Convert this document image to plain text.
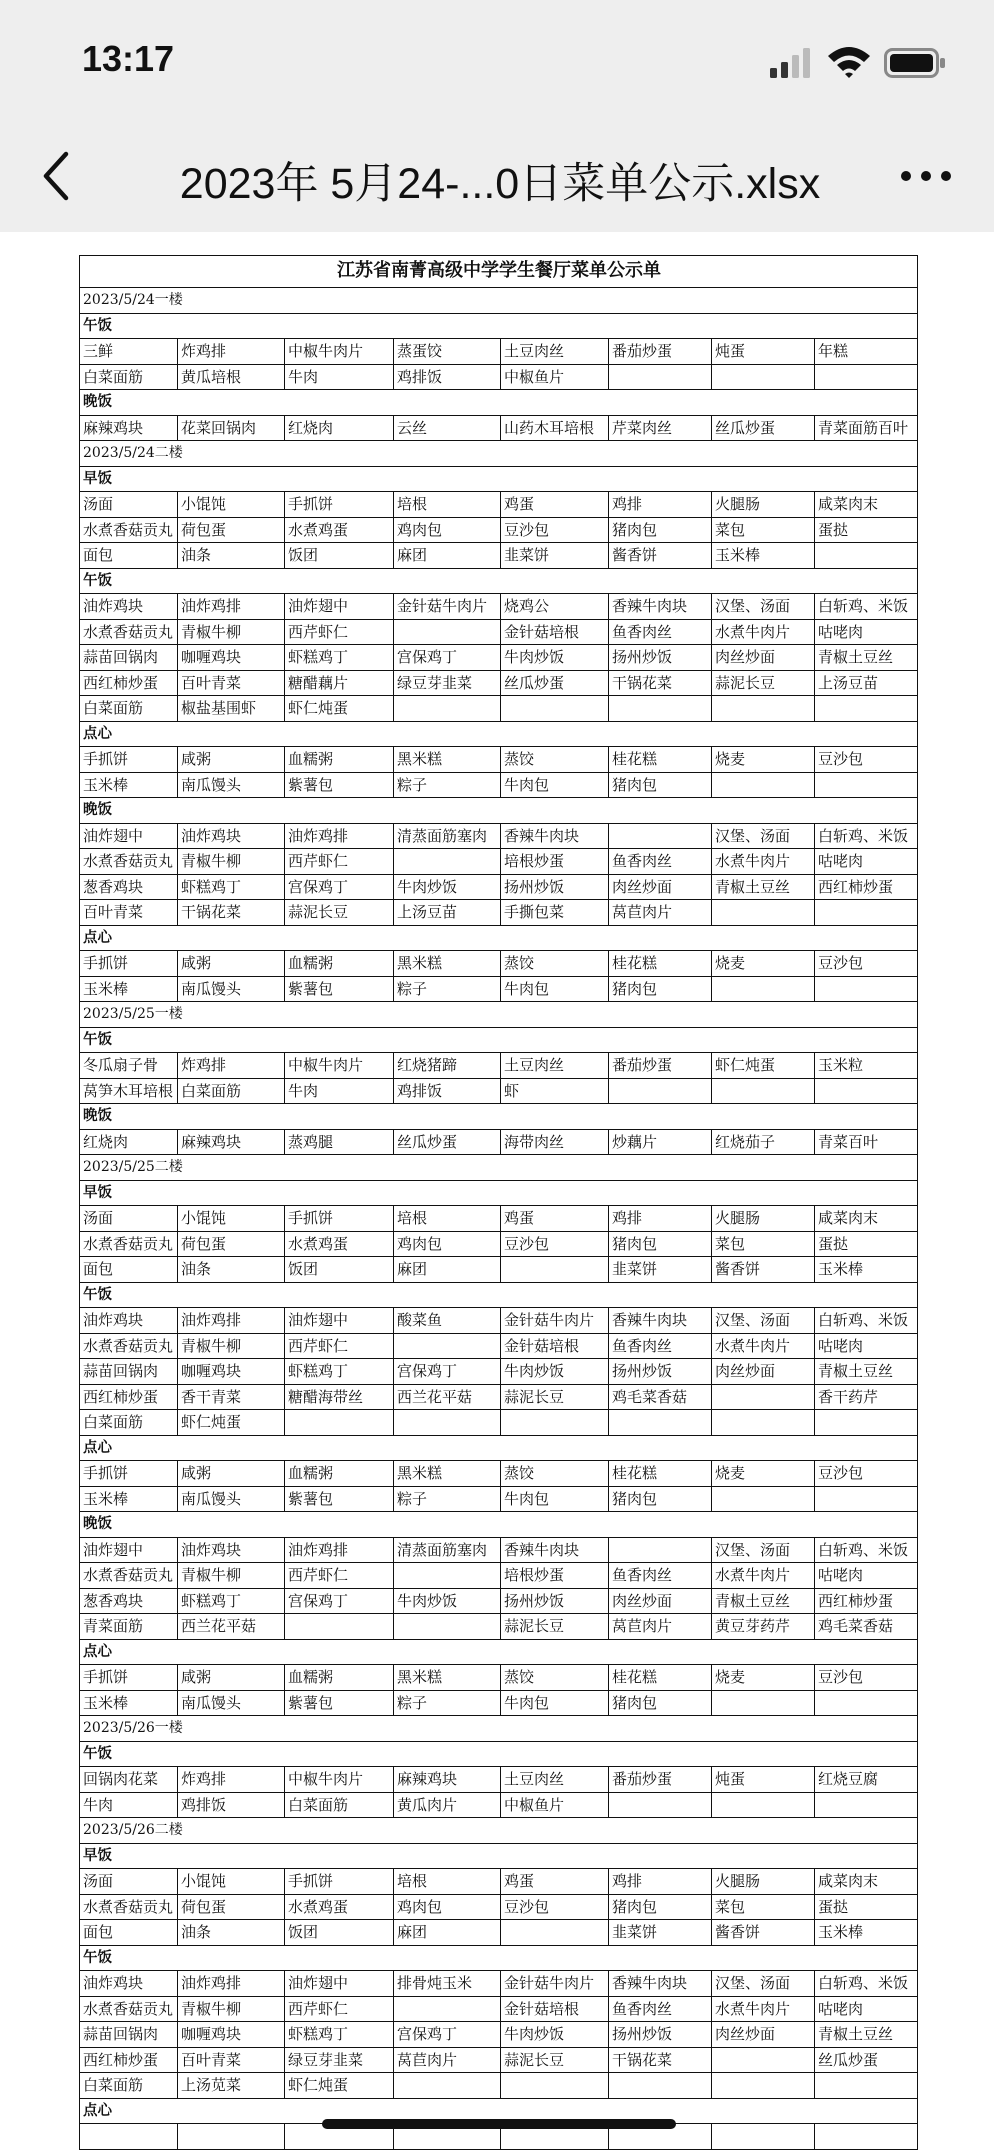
13:17
2023年 5月24-...0日菜单公示.xlsx
江苏省南菁高级中学学生餐厅菜单公示单							
2023/5/24一楼							
午饭							
三鲜	炸鸡排	中椒牛肉片	蒸蛋饺	土豆肉丝	番茄炒蛋	炖蛋	年糕
白菜面筋	黄瓜培根	牛肉	鸡排饭	中椒鱼片			
晚饭							
麻辣鸡块	花菜回锅肉	红烧肉	云丝	山药木耳培根	芹菜肉丝	丝瓜炒蛋	青菜面筋百叶
2023/5/24二楼							
早饭							
汤面	小馄饨	手抓饼	培根	鸡蛋	鸡排	火腿肠	咸菜肉末
水煮香菇贡丸	荷包蛋	水煮鸡蛋	鸡肉包	豆沙包	猪肉包	菜包	蛋挞
面包	油条	饭团	麻团	韭菜饼	酱香饼	玉米棒	
午饭							
油炸鸡块	油炸鸡排	油炸翅中	金针菇牛肉片	烧鸡公	香辣牛肉块	汉堡、汤面	白斩鸡、米饭
水煮香菇贡丸	青椒牛柳	西芹虾仁		金针菇培根	鱼香肉丝	水煮牛肉片	咕咾肉
蒜苗回锅肉	咖喱鸡块	虾糕鸡丁	宫保鸡丁	牛肉炒饭	扬州炒饭	肉丝炒面	青椒土豆丝
西红柿炒蛋	百叶青菜	糖醋藕片	绿豆芽韭菜	丝瓜炒蛋	干锅花菜	蒜泥长豆	上汤豆苗
白菜面筋	椒盐基围虾	虾仁炖蛋					
点心							
手抓饼	咸粥	血糯粥	黑米糕	蒸饺	桂花糕	烧麦	豆沙包
玉米棒	南瓜馒头	紫薯包	粽子	牛肉包	猪肉包		
晚饭							
油炸翅中	油炸鸡块	油炸鸡排	清蒸面筋塞肉	香辣牛肉块		汉堡、汤面	白斩鸡、米饭
水煮香菇贡丸	青椒牛柳	西芹虾仁		培根炒蛋	鱼香肉丝	水煮牛肉片	咕咾肉
葱香鸡块	虾糕鸡丁	宫保鸡丁	牛肉炒饭	扬州炒饭	肉丝炒面	青椒土豆丝	西红柿炒蛋
百叶青菜	干锅花菜	蒜泥长豆	上汤豆苗	手撕包菜	莴苣肉片		
点心							
手抓饼	咸粥	血糯粥	黑米糕	蒸饺	桂花糕	烧麦	豆沙包
玉米棒	南瓜馒头	紫薯包	粽子	牛肉包	猪肉包		
2023/5/25一楼							
午饭							
冬瓜扇子骨	炸鸡排	中椒牛肉片	红烧猪蹄	土豆肉丝	番茄炒蛋	虾仁炖蛋	玉米粒
莴笋木耳培根	白菜面筋	牛肉	鸡排饭	虾			
晚饭							
红烧肉	麻辣鸡块	蒸鸡腿	丝瓜炒蛋	海带肉丝	炒藕片	红烧茄子	青菜百叶
2023/5/25二楼							
早饭							
汤面	小馄饨	手抓饼	培根	鸡蛋	鸡排	火腿肠	咸菜肉末
水煮香菇贡丸	荷包蛋	水煮鸡蛋	鸡肉包	豆沙包	猪肉包	菜包	蛋挞
面包	油条	饭团	麻团		韭菜饼	酱香饼	玉米棒
午饭							
油炸鸡块	油炸鸡排	油炸翅中	酸菜鱼	金针菇牛肉片	香辣牛肉块	汉堡、汤面	白斩鸡、米饭
水煮香菇贡丸	青椒牛柳	西芹虾仁		金针菇培根	鱼香肉丝	水煮牛肉片	咕咾肉
蒜苗回锅肉	咖喱鸡块	虾糕鸡丁	宫保鸡丁	牛肉炒饭	扬州炒饭	肉丝炒面	青椒土豆丝
西红柿炒蛋	香干青菜	糖醋海带丝	西兰花平菇	蒜泥长豆	鸡毛菜香菇		香干药芹
白菜面筋	虾仁炖蛋						
点心							
手抓饼	咸粥	血糯粥	黑米糕	蒸饺	桂花糕	烧麦	豆沙包
玉米棒	南瓜馒头	紫薯包	粽子	牛肉包	猪肉包		
晚饭							
油炸翅中	油炸鸡块	油炸鸡排	清蒸面筋塞肉	香辣牛肉块		汉堡、汤面	白斩鸡、米饭
水煮香菇贡丸	青椒牛柳	西芹虾仁		培根炒蛋	鱼香肉丝	水煮牛肉片	咕咾肉
葱香鸡块	虾糕鸡丁	宫保鸡丁	牛肉炒饭	扬州炒饭	肉丝炒面	青椒土豆丝	西红柿炒蛋
青菜面筋	西兰花平菇			蒜泥长豆	莴苣肉片	黄豆芽药芹	鸡毛菜香菇
点心							
手抓饼	咸粥	血糯粥	黑米糕	蒸饺	桂花糕	烧麦	豆沙包
玉米棒	南瓜馒头	紫薯包	粽子	牛肉包	猪肉包		
2023/5/26一楼							
午饭							
回锅肉花菜	炸鸡排	中椒牛肉片	麻辣鸡块	土豆肉丝	番茄炒蛋	炖蛋	红烧豆腐
牛肉	鸡排饭	白菜面筋	黄瓜肉片	中椒鱼片			
2023/5/26二楼							
早饭							
汤面	小馄饨	手抓饼	培根	鸡蛋	鸡排	火腿肠	咸菜肉末
水煮香菇贡丸	荷包蛋	水煮鸡蛋	鸡肉包	豆沙包	猪肉包	菜包	蛋挞
面包	油条	饭团	麻团		韭菜饼	酱香饼	玉米棒
午饭							
油炸鸡块	油炸鸡排	油炸翅中	排骨炖玉米	金针菇牛肉片	香辣牛肉块	汉堡、汤面	白斩鸡、米饭
水煮香菇贡丸	青椒牛柳	西芹虾仁		金针菇培根	鱼香肉丝	水煮牛肉片	咕咾肉
蒜苗回锅肉	咖喱鸡块	虾糕鸡丁	宫保鸡丁	牛肉炒饭	扬州炒饭	肉丝炒面	青椒土豆丝
西红柿炒蛋	百叶青菜	绿豆芽韭菜	莴苣肉片	蒜泥长豆	干锅花菜		丝瓜炒蛋
白菜面筋	上汤苋菜	虾仁炖蛋					
点心							
